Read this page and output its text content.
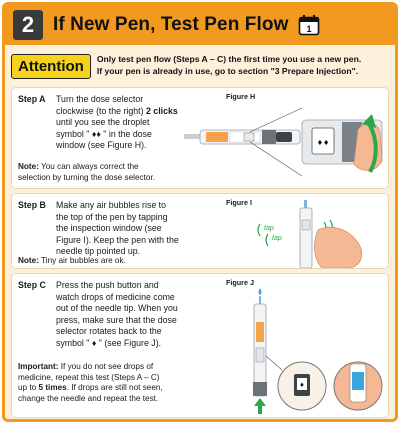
2 If New Pen, Test Pen Flow 1
Attention	Only test pen flow (Steps A – C) the first time you use a new pen.
If your pen is already in use, go to section "3 Prepare Injection".
Step A Turn the dose selector
clockwise (to the right) 2 clicks
until you see the droplet
symbol " ♦♦ " in the dose
window (see Figure H).
Note: You can always correct the
selection by turning the dose selector.
Figure H
♦♦
Step B Make any air bubbles rise to
the top of the pen by tapping
the inspection window (see
Figure I). Keep the pen with the
needle tip pointed up.
Note: Tiny air bubbles are ok.
Figure I
tap
tap
Step C Press the push button and
watch drops of medicine come
out of the needle tip. When you
press, make sure that the dose
selector rotates back to the
symbol " ♦ " (see Figure J).
Important: If you do not see drops of
medicine, repeat this test (Steps A – C)
up to 5 times. If drops are still not seen,
change the needle and repeat the test.
Figure J
♦
